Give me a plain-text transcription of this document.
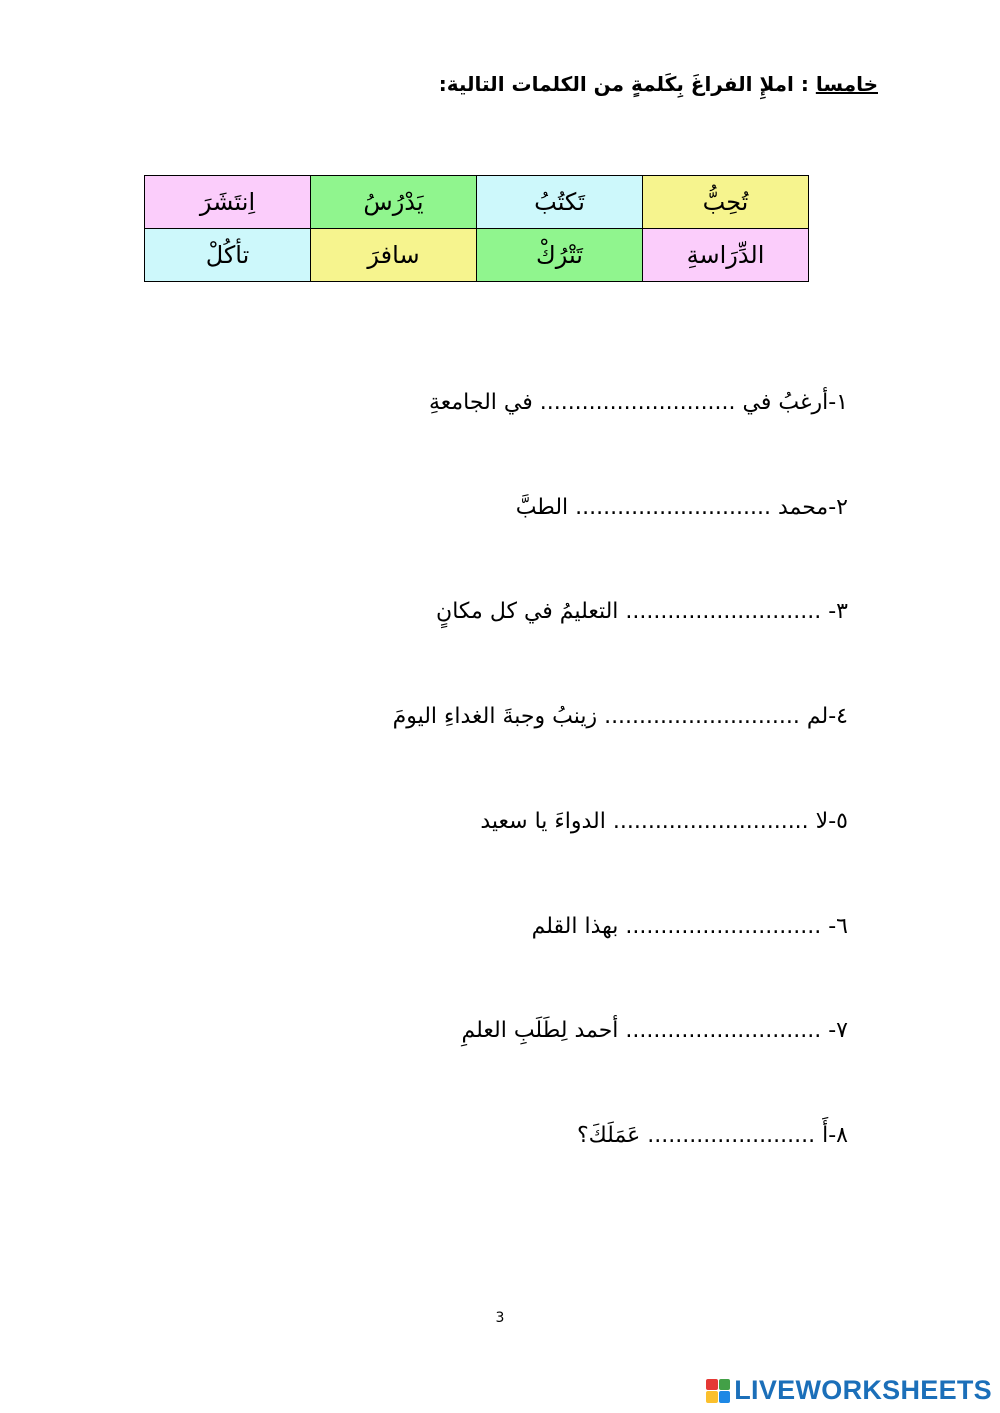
خامسا : املإِ الفراغَ بِكَلمةٍ من الكلمات التالية:
اِنتَشَرَ	يَدْرُسُ	تَكتُبُ	تُحِبُّ
تأكُلْ	سافرَ	تَتْرُكْ	الدِّرَاسةِ
١-أرغبُ في ............................ في الجامعةِ
٢-محمد ............................ الطبَّ
٣- ............................ التعليمُ في كل مكانٍ
٤-لم ............................ زينبُ وجبةَ الغداءِ اليومَ
٥-لا ............................ الدواءَ يا سعيد
٦- ............................ بهذا القلم
٧- ............................ أحمد لِطَلَبِ العلمِ
٨-أَ ........................ عَمَلَكَ؟
3
LIVEWORKSHEETS
